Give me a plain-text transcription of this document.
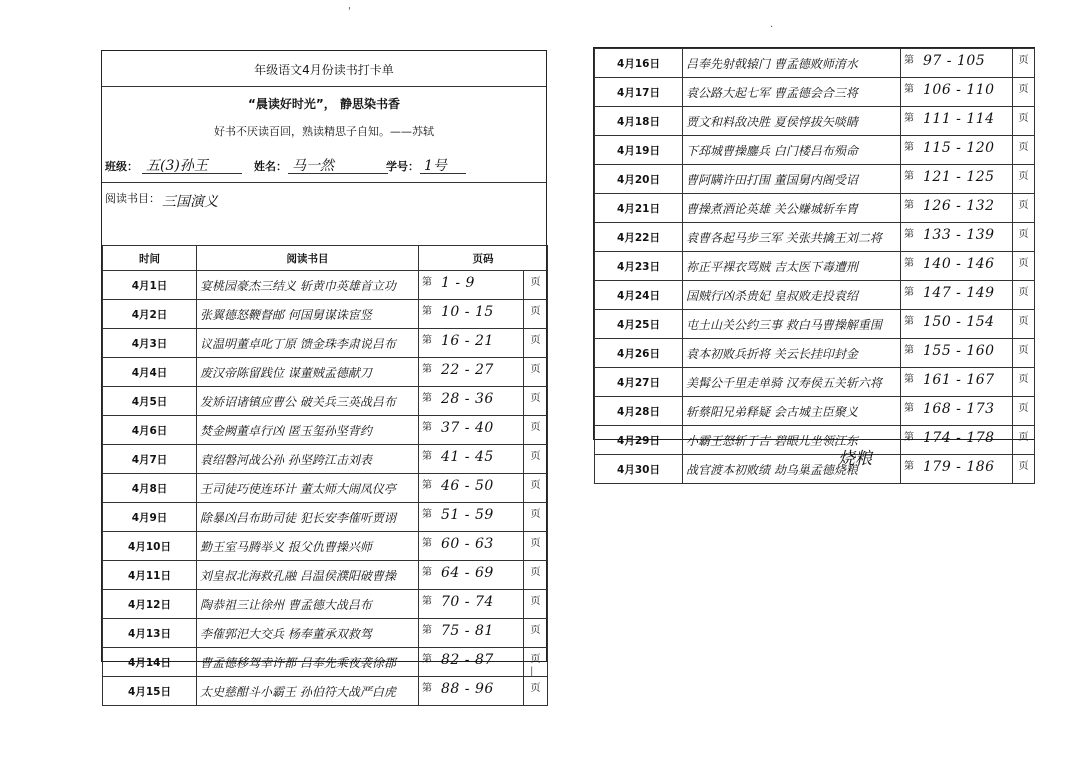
年级语文4月份读书打卡单
“晨读好时光”， 静思染书香
好书不厌读百回，熟读精思子自知。——苏轼
班级： 五(3)孙王	姓名： 马一然	学号： 1号
阅读书目： 三国演义
时间	阅读书目	页码	
4月1日	宴桃园豪杰三结义 斩黄巾英雄首立功	第 1 - 9	页
4月2日	张翼德怒鞭督邮 何国舅谋诛宦竖	第 10 - 15	页
4月3日	议温明董卓叱丁原 馈金珠李肃说吕布	第 16 - 21	页
4月4日	废汉帝陈留践位 谋董贼孟德献刀	第 22 - 27	页
4月5日	发矫诏诸镇应曹公 破关兵三英战吕布	第 28 - 36	页
4月6日	焚金阙董卓行凶 匿玉玺孙坚背约	第 37 - 40	页
4月7日	袁绍磐河战公孙 孙坚跨江击刘表	第 41 - 45	页
4月8日	王司徒巧使连环计 董太师大闹凤仪亭	第 46 - 50	页
4月9日	除暴凶吕布助司徒 犯长安李傕听贾诩	第 51 - 59	页
4月10日	勤王室马腾举义 报父仇曹操兴师	第 60 - 63	页
4月11日	刘皇叔北海救孔融 吕温侯濮阳破曹操	第 64 - 69	页
4月12日	陶恭祖三让徐州 曹孟德大战吕布	第 70 - 74	页
4月13日	李傕郭汜大交兵 杨奉董承双救驾	第 75 - 81	页
4月14日	曹孟德移驾幸许都 吕奉先乘夜袭徐郡	第 82 - 87	页
4月15日	太史慈酣斗小霸王 孙伯符大战严白虎	第 88 - 96	页
4月16日	吕奉先射戟辕门 曹孟德败师淯水	第 97 - 105	页
4月17日	袁公路大起七军 曹孟德会合三将	第 106 - 110	页
4月18日	贾文和料敌决胜 夏侯惇拔矢啖睛	第 111 - 114	页
4月19日	下邳城曹操鏖兵 白门楼吕布殒命	第 115 - 120	页
4月20日	曹阿瞒许田打围 董国舅内阁受诏	第 121 - 125	页
4月21日	曹操煮酒论英雄 关公赚城斩车胄	第 126 - 132	页
4月22日	袁曹各起马步三军 关张共擒王刘二将	第 133 - 139	页
4月23日	祢正平裸衣骂贼 吉太医下毒遭刑	第 140 - 146	页
4月24日	国贼行凶杀贵妃 皇叔败走投袁绍	第 147 - 149	页
4月25日	屯土山关公约三事 救白马曹操解重围	第 150 - 154	页
4月26日	袁本初败兵折将 关云长挂印封金	第 155 - 160	页
4月27日	美髯公千里走单骑 汉寿侯五关斩六将	第 161 - 167	页
4月28日	斩蔡阳兄弟释疑 会古城主臣聚义	第 168 - 173	页
4月29日	小霸王怒斩于吉 碧眼儿坐领江东	第 174 - 178	页
4月30日	战官渡本初败绩 劫乌巢孟德烧粮	第 179 - 186	页
烧粮
'
·
|
